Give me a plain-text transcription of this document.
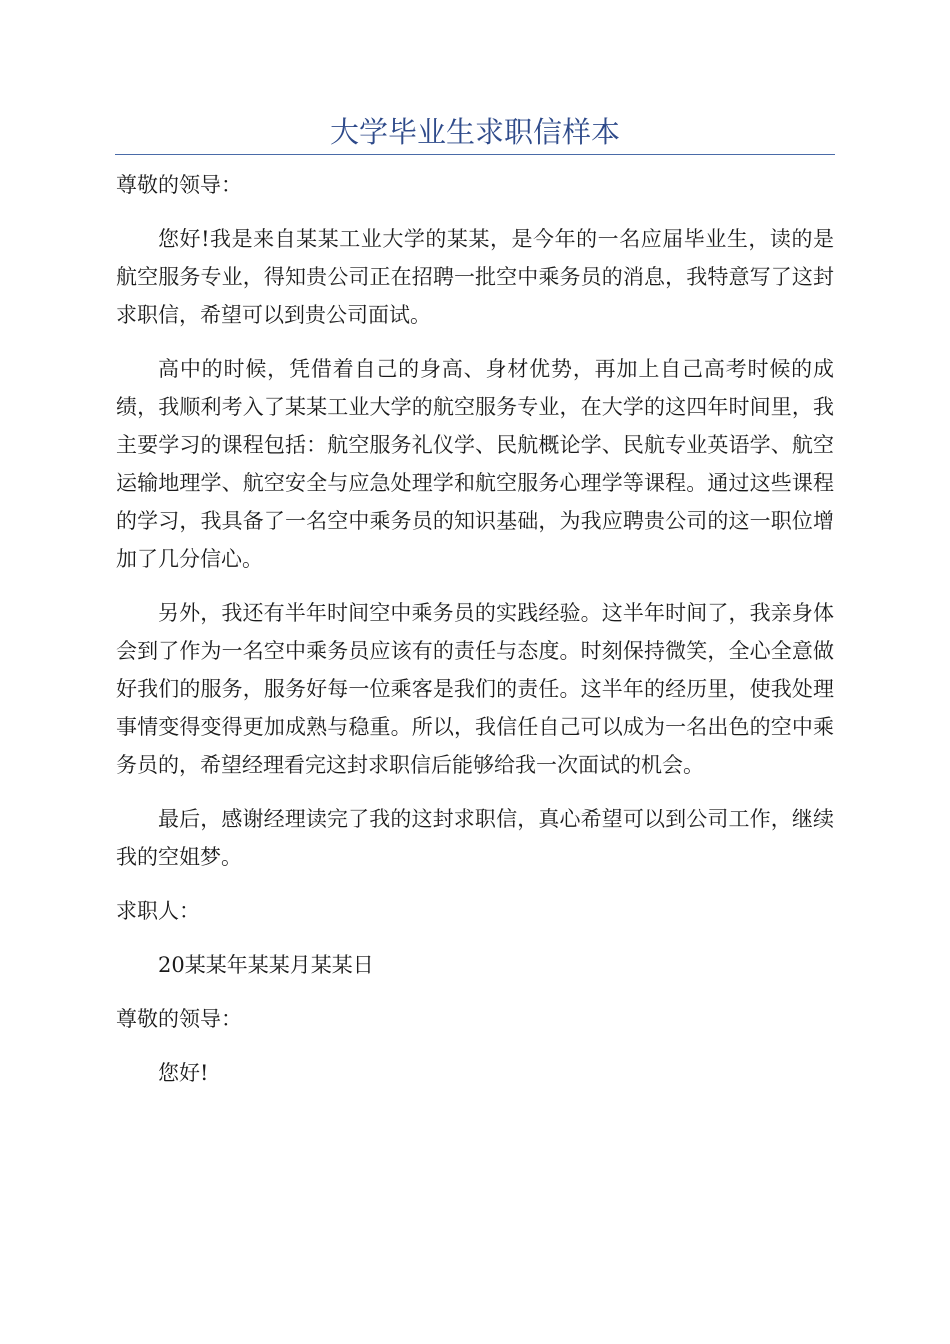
大学毕业生求职信样本

尊敬的领导：

您好!我是来自某某工业大学的某某，是今年的一名应届毕业生，读的是航空服务专业，得知贵公司正在招聘一批空中乘务员的消息，我特意写了这封求职信，希望可以到贵公司面试。

高中的时候，凭借着自己的身高、身材优势，再加上自己高考时候的成绩，我顺利考入了某某工业大学的航空服务专业，在大学的这四年时间里，我主要学习的课程包括：航空服务礼仪学、民航概论学、民航专业英语学、航空运输地理学、航空安全与应急处理学和航空服务心理学等课程。通过这些课程的学习，我具备了一名空中乘务员的知识基础，为我应聘贵公司的这一职位增加了几分信心。

另外，我还有半年时间空中乘务员的实践经验。这半年时间了，我亲身体会到了作为一名空中乘务员应该有的责任与态度。时刻保持微笑，全心全意做好我们的服务，服务好每一位乘客是我们的责任。这半年的经历里，使我处理事情变得变得更加成熟与稳重。所以，我信任自己可以成为一名出色的空中乘务员的，希望经理看完这封求职信后能够给我一次面试的机会。

最后，感谢经理读完了我的这封求职信，真心希望可以到公司工作，继续我的空姐梦。

求职人：

20某某年某某月某某日

尊敬的领导：

您好!
